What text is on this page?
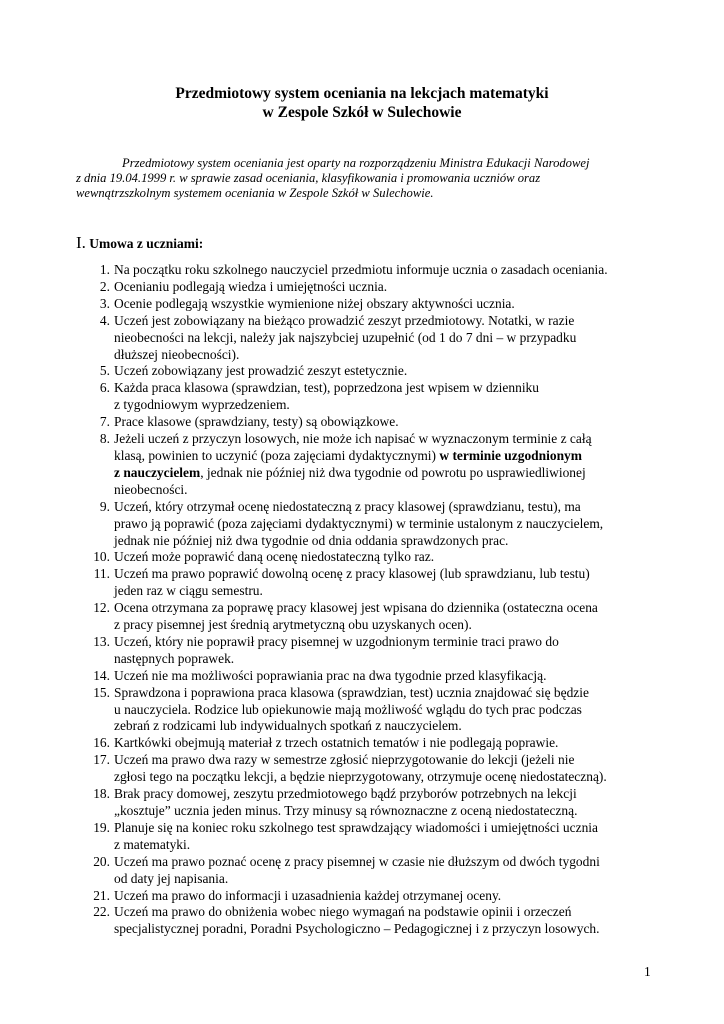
Przedmiotowy system oceniania na lekcjach matematyki
w Zespole Szkół w Sulechowie
Przedmiotowy system oceniania jest oparty na rozporządzeniu Ministra Edukacji Narodowej
z dnia 19.04.1999 r. w sprawie zasad oceniania, klasyfikowania i promowania uczniów oraz
wewnątrzszkolnym systemem oceniania w Zespole Szkół w Sulechowie.
I. Umowa z uczniami:
1 . Na początku roku szkolnego nauczyciel przedmiotu informuje ucznia o zasadach oceniania.
2 . Ocenianiu podlegają wiedza i umiejętności ucznia.
3 . Ocenie podlegają wszystkie wymienione niżej obszary aktywności ucznia.
4 . Uczeń jest zobowiązany na bieżąco prowadzić zeszyt przedmiotowy. Notatki, w razie
nieobecności na lekcji, należy jak najszybciej uzupełnić (od 1 do 7 dni – w przypadku
dłuższej nieobecności).
5 . Uczeń zobowiązany jest prowadzić zeszyt estetycznie.
6 . Każda praca klasowa (sprawdzian, test), poprzedzona jest wpisem w dzienniku
z tygodniowym wyprzedzeniem.
7 . Prace klasowe (sprawdziany, testy) są obowiązkowe.
8 . Jeżeli uczeń z przyczyn losowych, nie może ich napisać w wyznaczonym terminie z całą
klasą, powinien to uczynić (poza zajęciami dydaktycznymi) w terminie uzgodnionym
z nauczycielem, jednak nie później niż dwa tygodnie od powrotu po usprawiedliwionej
nieobecności.
9 . Uczeń, który otrzymał ocenę niedostateczną z pracy klasowej (sprawdzianu, testu), ma
prawo ją poprawić (poza zajęciami dydaktycznymi) w terminie ustalonym z nauczycielem,
jednak nie później niż dwa tygodnie od dnia oddania sprawdzonych prac.
10 . Uczeń może poprawić daną ocenę niedostateczną tylko raz.
11 . Uczeń ma prawo poprawić dowolną ocenę z pracy klasowej (lub sprawdzianu, lub testu)
jeden raz w ciągu semestru.
12 . Ocena otrzymana za poprawę pracy klasowej jest wpisana do dziennika (ostateczna ocena
z pracy pisemnej jest średnią arytmetyczną obu uzyskanych ocen).
13 . Uczeń, który nie poprawił pracy pisemnej w uzgodnionym terminie traci prawo do
następnych poprawek.
14 . Uczeń nie ma możliwości poprawiania prac na dwa tygodnie przed klasyfikacją.
15 . Sprawdzona i poprawiona praca klasowa (sprawdzian, test) ucznia znajdować się będzie
u nauczyciela. Rodzice lub opiekunowie mają możliwość wglądu do tych prac podczas
zebrań z rodzicami lub indywidualnych spotkań z nauczycielem.
16 . Kartkówki obejmują materiał z trzech ostatnich tematów i nie podlegają poprawie.
17 . Uczeń ma prawo dwa razy w semestrze zgłosić nieprzygotowanie do lekcji (jeżeli nie
zgłosi tego na początku lekcji, a będzie nieprzygotowany, otrzymuje ocenę niedostateczną).
18 . Brak pracy domowej, zeszytu przedmiotowego bądź przyborów potrzebnych na lekcji
„kosztuje” ucznia jeden minus. Trzy minusy są równoznaczne z oceną niedostateczną.
19 . Planuje się na koniec roku szkolnego test sprawdzający wiadomości i umiejętności ucznia
z matematyki.
20 . Uczeń ma prawo poznać ocenę z pracy pisemnej w czasie nie dłuższym od dwóch tygodni
od daty jej napisania.
21 . Uczeń ma prawo do informacji i uzasadnienia każdej otrzymanej oceny.
22 . Uczeń ma prawo do obniżenia wobec niego wymagań na podstawie opinii i orzeczeń
specjalistycznej poradni, Poradni Psychologiczno – Pedagogicznej i z przyczyn losowych.
1
